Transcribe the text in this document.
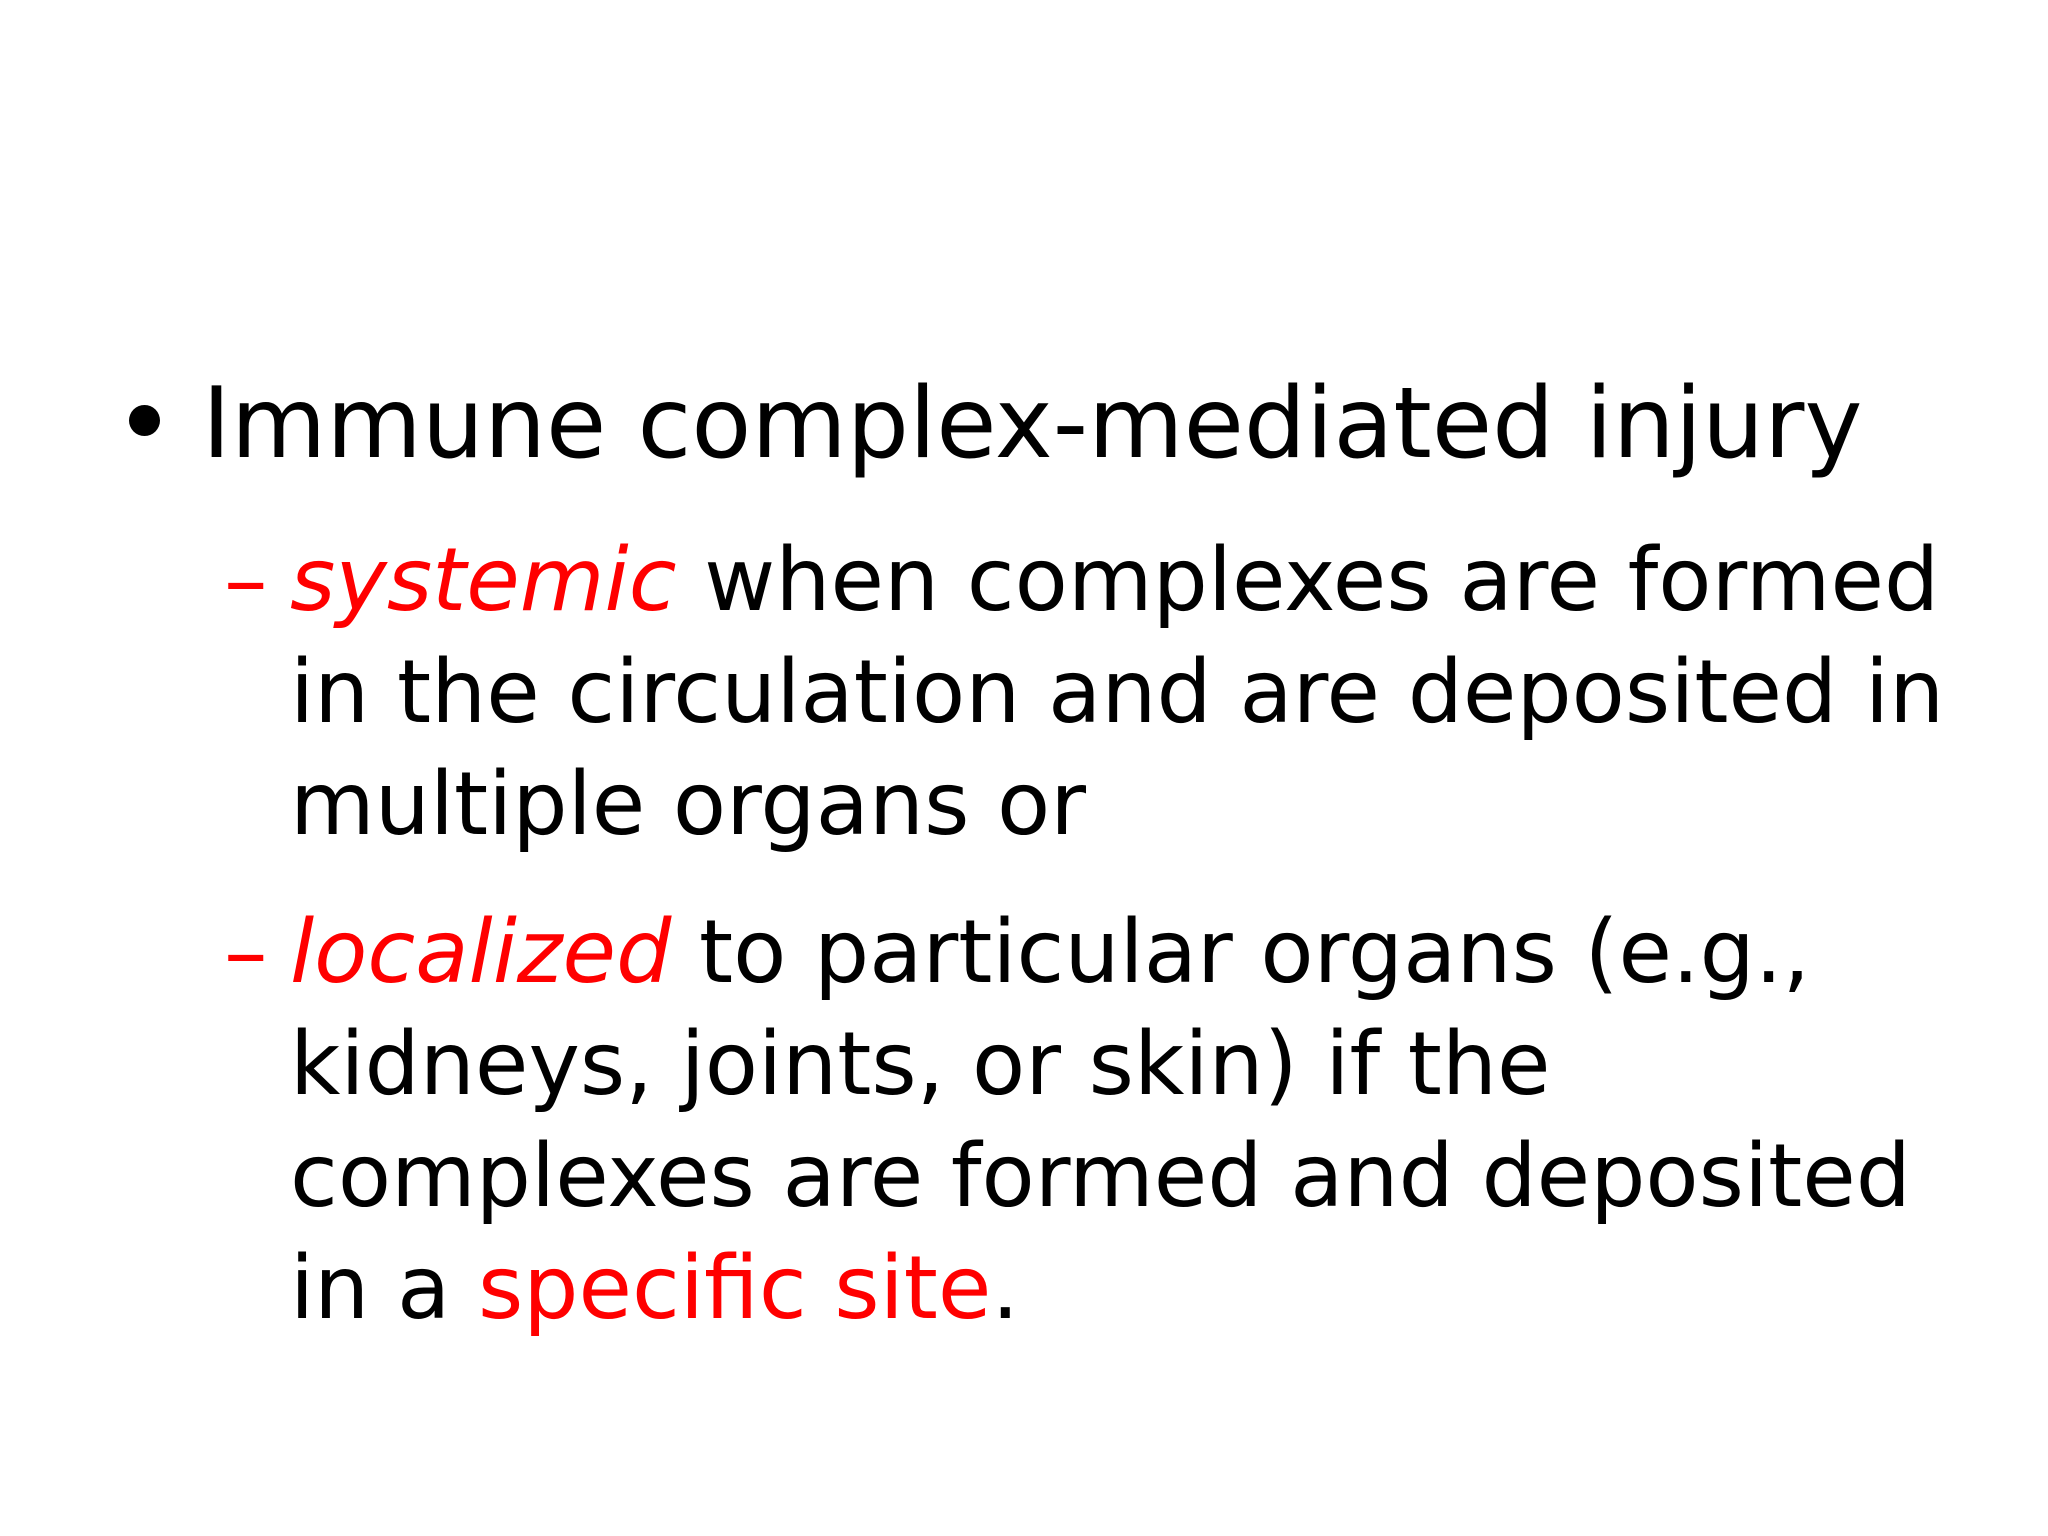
Immune complex-mediated injury
– systemic when complexes are formed
in the circulation and are deposited in
multiple organs or
– localized to particular organs (e.g.,
kidneys, joints, or skin) if the
complexes are formed and deposited
in a specific site.
